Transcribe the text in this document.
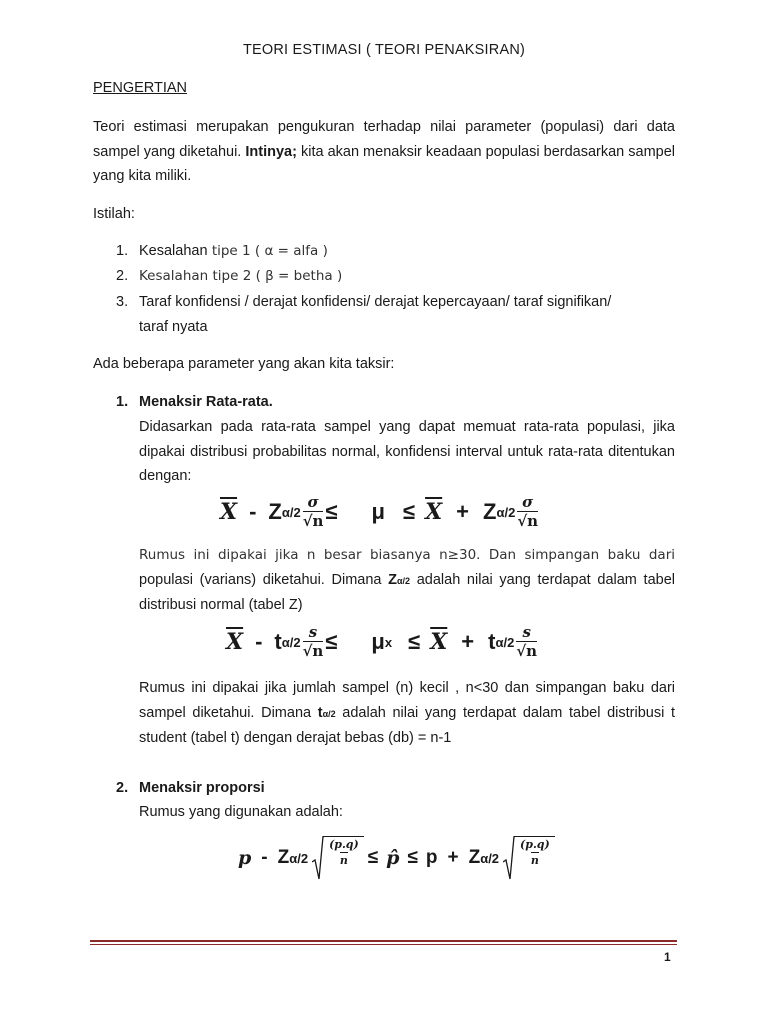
TEORI ESTIMASI ( TEORI PENAKSIRAN)
PENGERTIAN
Teori estimasi merupakan pengukuran terhadap nilai parameter (populasi) dari data sampel yang diketahui. Intinya; kita akan menaksir keadaan populasi berdasarkan sampel yang kita miliki.
Istilah:
1. Kesalahan tipe 1 ( α = alfa )
2. Kesalahan tipe 2 ( β = betha )
3. Taraf konfidensi / derajat konfidensi/ derajat kepercayaan/ taraf signifikan/
taraf nyata
Ada beberapa parameter yang akan kita taksir:
1. Menaksir Rata-rata.
Didasarkan pada rata-rata sampel yang dapat memuat rata-rata populasi, jika dipakai distribusi probabilitas normal, konfidensi interval untuk rata-rata ditentukan dengan:
$\overline{X}$ - Z $\alpha/2 \frac{\sigma}{√n} \le \mu \le \overline{X} + Z$ $\alpha/2 \frac{\sigma}{√n}$
Rumus ini dipakai jika n besar biasanya n≥30. Dan simpangan baku dari populasi (varians) diketahui. Dimana Zα/2 adalah nilai yang terdapat dalam tabel distribusi normal (tabel Z)
$\overline{X}$ - t $\alpha/2 \frac{s}{√n} \le \mu$ $x \le \overline{X} + t$ $\alpha/2 \frac{s}{√n}$
Rumus ini dipakai jika jumlah sampel (n) kecil , n<30 dan simpangan baku dari sampel diketahui. Dimana tα/2 adalah nilai yang terdapat dalam tabel distribusi t student (tabel t) dengan derajat bebas (db) = n-1
2. Menaksir proporsi
Rumus yang digunakan adalah:
p - Z $\alpha/2 \frac{(p.q)}{n}$ ≤ p̂ ≤ p + Z $\alpha/2 \frac{(p.q)}{n}$
1
